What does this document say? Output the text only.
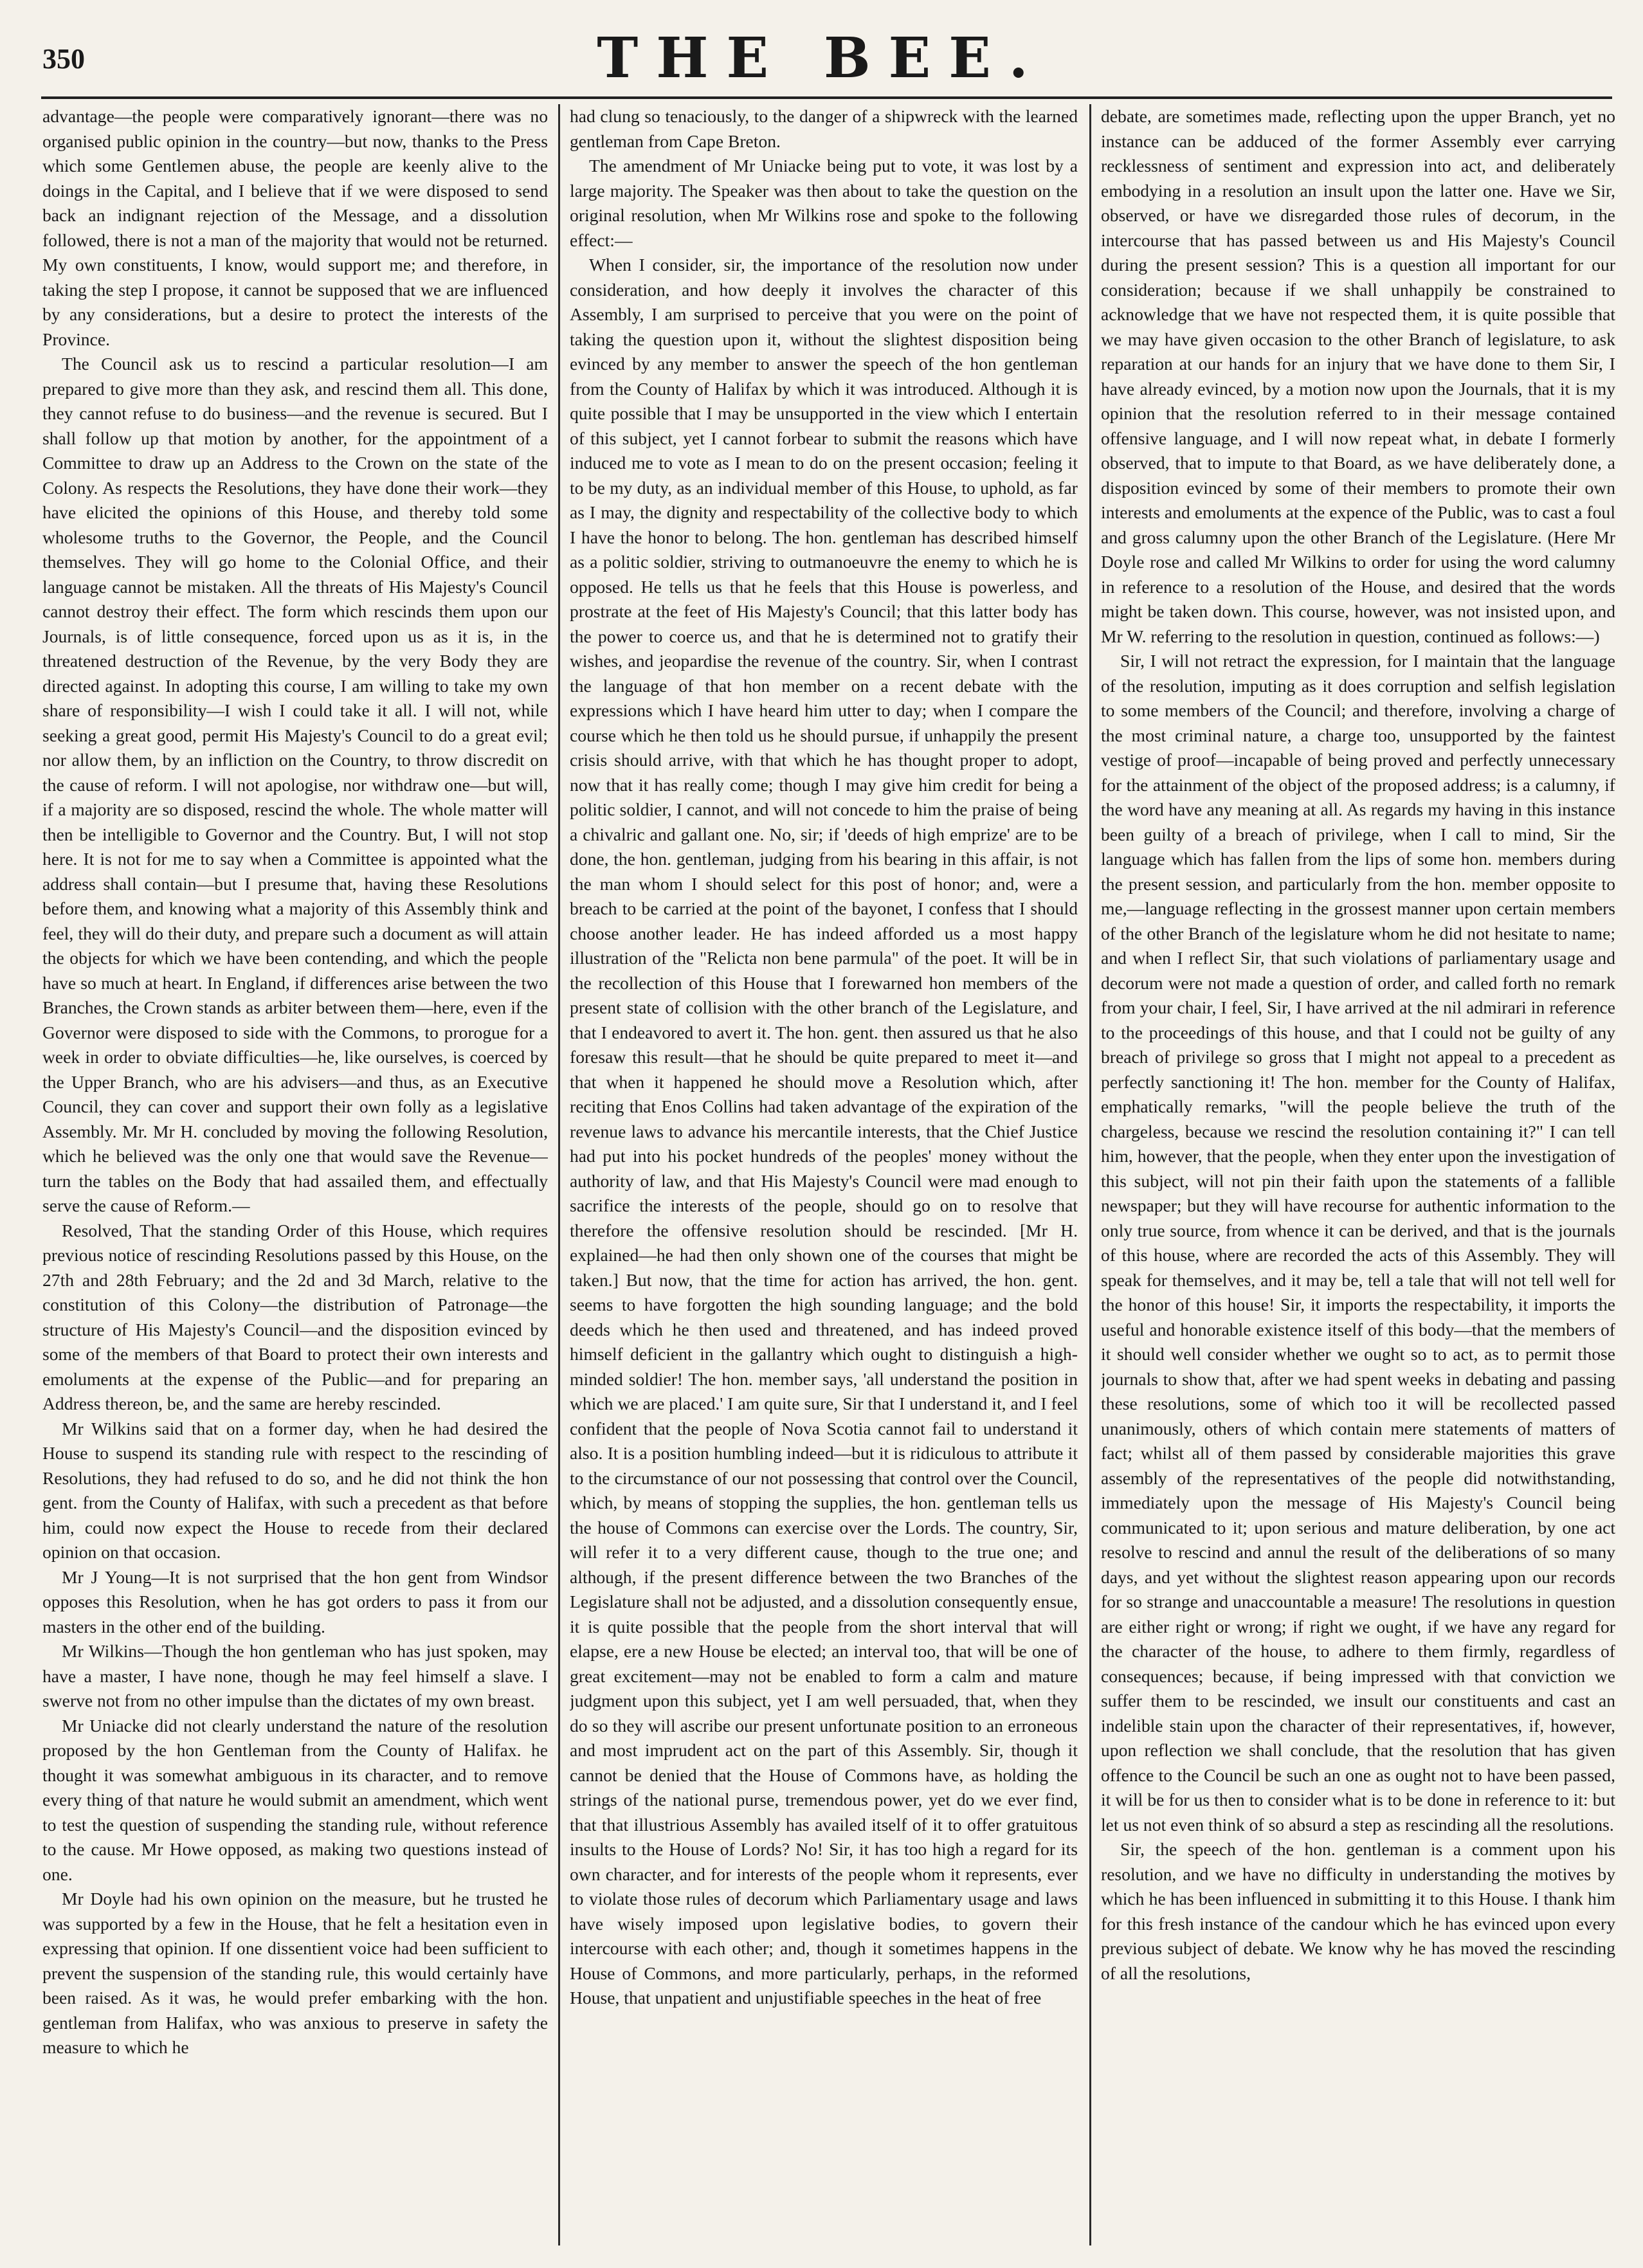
350	THE BEE.

advantage—the people were comparatively ignorant—there was no organised public opinion in the country—but now, thanks to the Press which some Gentlemen abuse, the people are keenly alive to the doings in the Capital, and I believe that if we were disposed to send back an indignant rejection of the Message, and a dissolution followed, there is not a man of the majority that would not be returned. My own constituents, I know, would support me; and therefore, in taking the step I propose, it cannot be supposed that we are influenced by any considerations, but a desire to protect the interests of the Province.

The Council ask us to rescind a particular resolution—I am prepared to give more than they ask, and rescind them all. This done, they cannot refuse to do business—and the revenue is secured. But I shall follow up that motion by another, for the appointment of a Committee to draw up an Address to the Crown on the state of the Colony. As respects the Resolutions, they have done their work—they have elicited the opinions of this House, and thereby told some wholesome truths to the Governor, the People, and the Council themselves. They will go home to the Colonial Office, and their language cannot be mistaken. All the threats of His Majesty's Council cannot destroy their effect. The form which rescinds them upon our Journals, is of little consequence, forced upon us as it is, in the threatened destruction of the Revenue, by the very Body they are directed against. In adopting this course, I am willing to take my own share of responsibility—I wish I could take it all. I will not, while seeking a great good, permit His Majesty's Council to do a great evil; nor allow them, by an infliction on the Country, to throw discredit on the cause of reform. I will not apologise, nor withdraw one—but will, if a majority are so disposed, rescind the whole. The whole matter will then be intelligible to Governor and the Country. But, I will not stop here. It is not for me to say when a Committee is appointed what the address shall contain—but I presume that, having these Resolutions before them, and knowing what a majority of this Assembly think and feel, they will do their duty, and prepare such a document as will attain the objects for which we have been contending, and which the people have so much at heart. In England, if differences arise between the two Branches, the Crown stands as arbiter between them—here, even if the Governor were disposed to side with the Commons, to prorogue for a week in order to obviate difficulties—he, like ourselves, is coerced by the Upper Branch, who are his advisers—and thus, as an Executive Council, they can cover and support their own folly as a legislative Assembly. Mr. Mr H. concluded by moving the following Resolution, which he believed was the only one that would save the Revenue—turn the tables on the Body that had assailed them, and effectually serve the cause of Reform.—

Resolved, That the standing Order of this House, which requires previous notice of rescinding Resolutions passed by this House, on the 27th and 28th February; and the 2d and 3d March, relative to the constitution of this Colony—the distribution of Patronage—the structure of His Majesty's Council—and the disposition evinced by some of the members of that Board to protect their own interests and emoluments at the expense of the Public—and for preparing an Address thereon, be, and the same are hereby rescinded.

Mr Wilkins said that on a former day, when he had desired the House to suspend its standing rule with respect to the rescinding of Resolutions, they had refused to do so, and he did not think the hon gent. from the County of Halifax, with such a precedent as that before him, could now expect the House to recede from their declared opinion on that occasion.

Mr J Young—It is not surprised that the hon gent from Windsor opposes this Resolution, when he has got orders to pass it from our masters in the other end of the building.

Mr Wilkins—Though the hon gentleman who has just spoken, may have a master, I have none, though he may feel himself a slave. I swerve not from no other impulse than the dictates of my own breast.

Mr Uniacke did not clearly understand the nature of the resolution proposed by the hon Gentleman from the County of Halifax. he thought it was somewhat ambiguous in its character, and to remove every thing of that nature he would submit an amendment, which went to test the question of suspending the standing rule, without reference to the cause. Mr Howe opposed, as making two questions instead of one.

Mr Doyle had his own opinion on the measure, but he trusted he was supported by a few in the House, that he felt a hesitation even in expressing that opinion. If one dissentient voice had been sufficient to prevent the suspension of the standing rule, this would certainly have been raised. As it was, he would prefer embarking with the hon. gentleman from Halifax, who was anxious to preserve in safety the measure to which he

had clung so tenaciously, to the danger of a shipwreck with the learned gentleman from Cape Breton.

The amendment of Mr Uniacke being put to vote, it was lost by a large majority. The Speaker was then about to take the question on the original resolution, when Mr Wilkins rose and spoke to the following effect:—

When I consider, sir, the importance of the resolution now under consideration, and how deeply it involves the character of this Assembly, I am surprised to perceive that you were on the point of taking the question upon it, without the slightest disposition being evinced by any member to answer the speech of the hon gentleman from the County of Halifax by which it was introduced. Although it is quite possible that I may be unsupported in the view which I entertain of this subject, yet I cannot forbear to submit the reasons which have induced me to vote as I mean to do on the present occasion; feeling it to be my duty, as an individual member of this House, to uphold, as far as I may, the dignity and respectability of the collective body to which I have the honor to belong. The hon. gentleman has described himself as a politic soldier, striving to outmanoeuvre the enemy to which he is opposed. He tells us that he feels that this House is powerless, and prostrate at the feet of His Majesty's Council; that this latter body has the power to coerce us, and that he is determined not to gratify their wishes, and jeopardise the revenue of the country. Sir, when I contrast the language of that hon member on a recent debate with the expressions which I have heard him utter to day; when I compare the course which he then told us he should pursue, if unhappily the present crisis should arrive, with that which he has thought proper to adopt, now that it has really come; though I may give him credit for being a politic soldier, I cannot, and will not concede to him the praise of being a chivalric and gallant one. No, sir; if 'deeds of high emprize' are to be done, the hon. gentleman, judging from his bearing in this affair, is not the man whom I should select for this post of honor; and, were a breach to be carried at the point of the bayonet, I confess that I should choose another leader. He has indeed afforded us a most happy illustration of the "Relicta non bene parmula" of the poet. It will be in the recollection of this House that I forewarned hon members of the present state of collision with the other branch of the Legislature, and that I endeavored to avert it. The hon. gent. then assured us that he also foresaw this result—that he should be quite prepared to meet it—and that when it happened he should move a Resolution which, after reciting that Enos Collins had taken advantage of the expiration of the revenue laws to advance his mercantile interests, that the Chief Justice had put into his pocket hundreds of the peoples' money without the authority of law, and that His Majesty's Council were mad enough to sacrifice the interests of the people, should go on to resolve that therefore the offensive resolution should be rescinded. [Mr H. explained—he had then only shown one of the courses that might be taken.] But now, that the time for action has arrived, the hon. gent. seems to have forgotten the high sounding language; and the bold deeds which he then used and threatened, and has indeed proved himself deficient in the gallantry which ought to distinguish a high-minded soldier! The hon. member says, 'all understand the position in which we are placed.' I am quite sure, Sir that I understand it, and I feel confident that the people of Nova Scotia cannot fail to understand it also. It is a position humbling indeed—but it is ridiculous to attribute it to the circumstance of our not possessing that control over the Council, which, by means of stopping the supplies, the hon. gentleman tells us the house of Commons can exercise over the Lords. The country, Sir, will refer it to a very different cause, though to the true one; and although, if the present difference between the two Branches of the Legislature shall not be adjusted, and a dissolution consequently ensue, it is quite possible that the people from the short interval that will elapse, ere a new House be elected; an interval too, that will be one of great excitement—may not be enabled to form a calm and mature judgment upon this subject, yet I am well persuaded, that, when they do so they will ascribe our present unfortunate position to an erroneous and most imprudent act on the part of this Assembly. Sir, though it cannot be denied that the House of Commons have, as holding the strings of the national purse, tremendous power, yet do we ever find, that that illustrious Assembly has availed itself of it to offer gratuitous insults to the House of Lords? No! Sir, it has too high a regard for its own character, and for interests of the people whom it represents, ever to violate those rules of decorum which Parliamentary usage and laws have wisely imposed upon legislative bodies, to govern their intercourse with each other; and, though it sometimes happens in the House of Commons, and more particularly, perhaps, in the reformed House, that unpatient and unjustifiable speeches in the heat of free

debate, are sometimes made, reflecting upon the upper Branch, yet no instance can be adduced of the former Assembly ever carrying recklessness of sentiment and expression into act, and deliberately embodying in a resolution an insult upon the latter one. Have we Sir, observed, or have we disregarded those rules of decorum, in the intercourse that has passed between us and His Majesty's Council during the present session? This is a question all important for our consideration; because if we shall unhappily be constrained to acknowledge that we have not respected them, it is quite possible that we may have given occasion to the other Branch of legislature, to ask reparation at our hands for an injury that we have done to them Sir, I have already evinced, by a motion now upon the Journals, that it is my opinion that the resolution referred to in their message contained offensive language, and I will now repeat what, in debate I formerly observed, that to impute to that Board, as we have deliberately done, a disposition evinced by some of their members to promote their own interests and emoluments at the expence of the Public, was to cast a foul and gross calumny upon the other Branch of the Legislature. (Here Mr Doyle rose and called Mr Wilkins to order for using the word calumny in reference to a resolution of the House, and desired that the words might be taken down. This course, however, was not insisted upon, and Mr W. referring to the resolution in question, continued as follows:—)

Sir, I will not retract the expression, for I maintain that the language of the resolution, imputing as it does corruption and selfish legislation to some members of the Council; and therefore, involving a charge of the most criminal nature, a charge too, unsupported by the faintest vestige of proof—incapable of being proved and perfectly unnecessary for the attainment of the object of the proposed address; is a calumny, if the word have any meaning at all. As regards my having in this instance been guilty of a breach of privilege, when I call to mind, Sir the language which has fallen from the lips of some hon. members during the present session, and particularly from the hon. member opposite to me,—language reflecting in the grossest manner upon certain members of the other Branch of the legislature whom he did not hesitate to name; and when I reflect Sir, that such violations of parliamentary usage and decorum were not made a question of order, and called forth no remark from your chair, I feel, Sir, I have arrived at the nil admirari in reference to the proceedings of this house, and that I could not be guilty of any breach of privilege so gross that I might not appeal to a precedent as perfectly sanctioning it! The hon. member for the County of Halifax, emphatically remarks, "will the people believe the truth of the chargeless, because we rescind the resolution containing it?" I can tell him, however, that the people, when they enter upon the investigation of this subject, will not pin their faith upon the statements of a fallible newspaper; but they will have recourse for authentic information to the only true source, from whence it can be derived, and that is the journals of this house, where are recorded the acts of this Assembly. They will speak for themselves, and it may be, tell a tale that will not tell well for the honor of this house! Sir, it imports the respectability, it imports the useful and honorable existence itself of this body—that the members of it should well consider whether we ought so to act, as to permit those journals to show that, after we had spent weeks in debating and passing these resolutions, some of which too it will be recollected passed unanimously, others of which contain mere statements of matters of fact; whilst all of them passed by considerable majorities this grave assembly of the representatives of the people did notwithstanding, immediately upon the message of His Majesty's Council being communicated to it; upon serious and mature deliberation, by one act resolve to rescind and annul the result of the deliberations of so many days, and yet without the slightest reason appearing upon our records for so strange and unaccountable a measure! The resolutions in question are either right or wrong; if right we ought, if we have any regard for the character of the house, to adhere to them firmly, regardless of consequences; because, if being impressed with that conviction we suffer them to be rescinded, we insult our constituents and cast an indelible stain upon the character of their representatives, if, however, upon reflection we shall conclude, that the resolution that has given offence to the Council be such an one as ought not to have been passed, it will be for us then to consider what is to be done in reference to it: but let us not even think of so absurd a step as rescinding all the resolutions.

Sir, the speech of the hon. gentleman is a comment upon his resolution, and we have no difficulty in understanding the motives by which he has been influenced in submitting it to this House. I thank him for this fresh instance of the candour which he has evinced upon every previous subject of debate. We know why he has moved the rescinding of all the resolutions,
